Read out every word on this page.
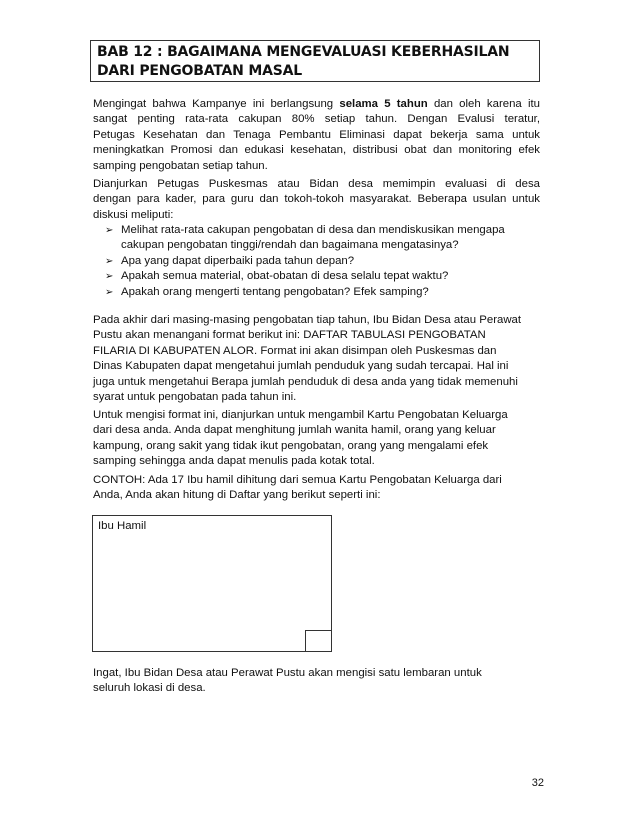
BAB 12 : BAGAIMANA MENGEVALUASI KEBERHASILAN
DARI PENGOBATAN MASAL
Mengingat bahwa Kampanye ini berlangsung selama 5 tahun dan oleh karena itu
sangat penting rata-rata cakupan 80% setiap tahun. Dengan Evalusi teratur,
Petugas Kesehatan dan Tenaga Pembantu Eliminasi dapat bekerja sama untuk
meningkatkan Promosi dan edukasi kesehatan, distribusi obat dan monitoring efek
samping pengobatan setiap tahun.
Dianjurkan Petugas Puskesmas atau Bidan desa memimpin evaluasi di desa
dengan para kader, para guru dan tokoh-tokoh masyarakat. Beberapa usulan untuk
diskusi meliputi:
➢ Melihat rata-rata cakupan pengobatan di desa dan mendiskusikan mengapa
cakupan pengobatan tinggi/rendah dan bagaimana mengatasinya?
➢ Apa yang dapat diperbaiki pada tahun depan?
➢ Apakah semua material, obat-obatan di desa selalu tepat waktu?
➢ Apakah orang mengerti tentang pengobatan? Efek samping?
Pada akhir dari masing-masing pengobatan tiap tahun, Ibu Bidan Desa atau Perawat
Pustu akan menangani format berikut ini: DAFTAR TABULASI PENGOBATAN
FILARIA DI KABUPATEN ALOR. Format ini akan disimpan oleh Puskesmas dan
Dinas Kabupaten dapat mengetahui jumlah penduduk yang sudah tercapai. Hal ini
juga untuk mengetahui Berapa jumlah penduduk di desa anda yang tidak memenuhi
syarat untuk pengobatan pada tahun ini.
Untuk mengisi format ini, dianjurkan untuk mengambil Kartu Pengobatan Keluarga
dari desa anda. Anda dapat menghitung jumlah wanita hamil, orang yang keluar
kampung, orang sakit yang tidak ikut pengobatan, orang yang mengalami efek
samping sehingga anda dapat menulis pada kotak total.
CONTOH: Ada 17 Ibu hamil dihitung dari semua Kartu Pengobatan Keluarga dari
Anda, Anda akan hitung di Daftar yang berikut seperti ini:
Ibu Hamil
Ingat, Ibu Bidan Desa atau Perawat Pustu akan mengisi satu lembaran untuk
seluruh lokasi di desa.
32
